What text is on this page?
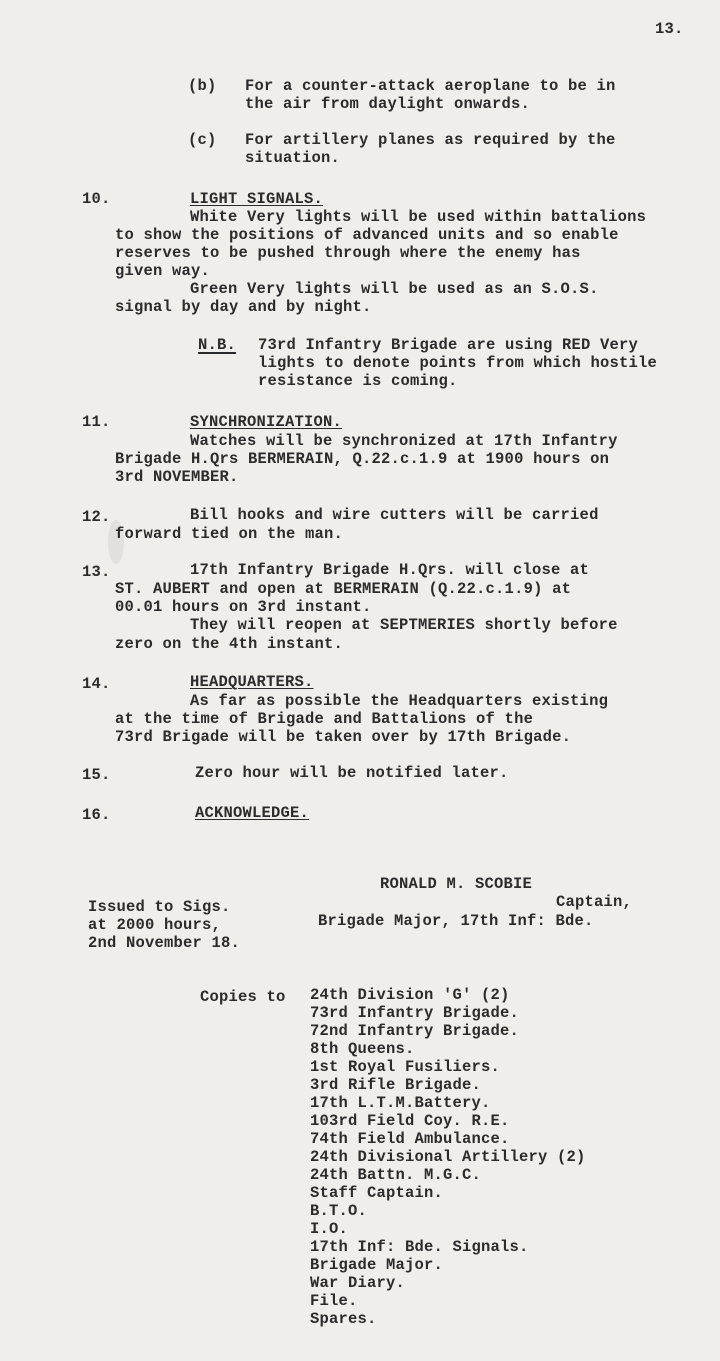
13.
(b) For a counter-attack aeroplane to be in
the air from daylight onwards.
(c) For artillery planes as required by the
situation.
10.	LIGHT SIGNALS.
White Very lights will be used within battalions
to show the positions of advanced units and so enable
reserves to be pushed through where the enemy has
given way.
Green Very lights will be used as an S.O.S.
signal by day and by night.
N.B. 73rd Infantry Brigade are using RED Very
lights to denote points from which hostile
resistance is coming.
11.	SYNCHRONIZATION.
Watches will be synchronized at 17th Infantry
Brigade H.Qrs BERMERAIN, Q.22.c.1.9 at 1900 hours on
3rd NOVEMBER.
12.	Bill hooks and wire cutters will be carried
forward tied on the man.
13.	17th Infantry Brigade H.Qrs. will close at
ST. AUBERT and open at BERMERAIN (Q.22.c.1.9) at
00.01 hours on 3rd instant.
They will reopen at SEPTMERIES shortly before
zero on the 4th instant.
14.	HEADQUARTERS.
As far as possible the Headquarters existing
at the time of Brigade and Battalions of the
73rd Brigade will be taken over by 17th Brigade.
15.	Zero hour will be notified later.
16.	ACKNOWLEDGE.
RONALD M. SCOBIE
Captain,
Brigade Major, 17th Inf: Bde.
Issued to Sigs.
at 2000 hours,
2nd November 18.
Copies to 24th Division 'G' (2)
73rd Infantry Brigade.
72nd Infantry Brigade.
8th Queens.
1st Royal Fusiliers.
3rd Rifle Brigade.
17th L.T.M.Battery.
103rd Field Coy. R.E.
74th Field Ambulance.
24th Divisional Artillery (2)
24th Battn. M.G.C.
Staff Captain.
B.T.O.
I.O.
17th Inf: Bde. Signals.
Brigade Major.
War Diary.
File.
Spares.
